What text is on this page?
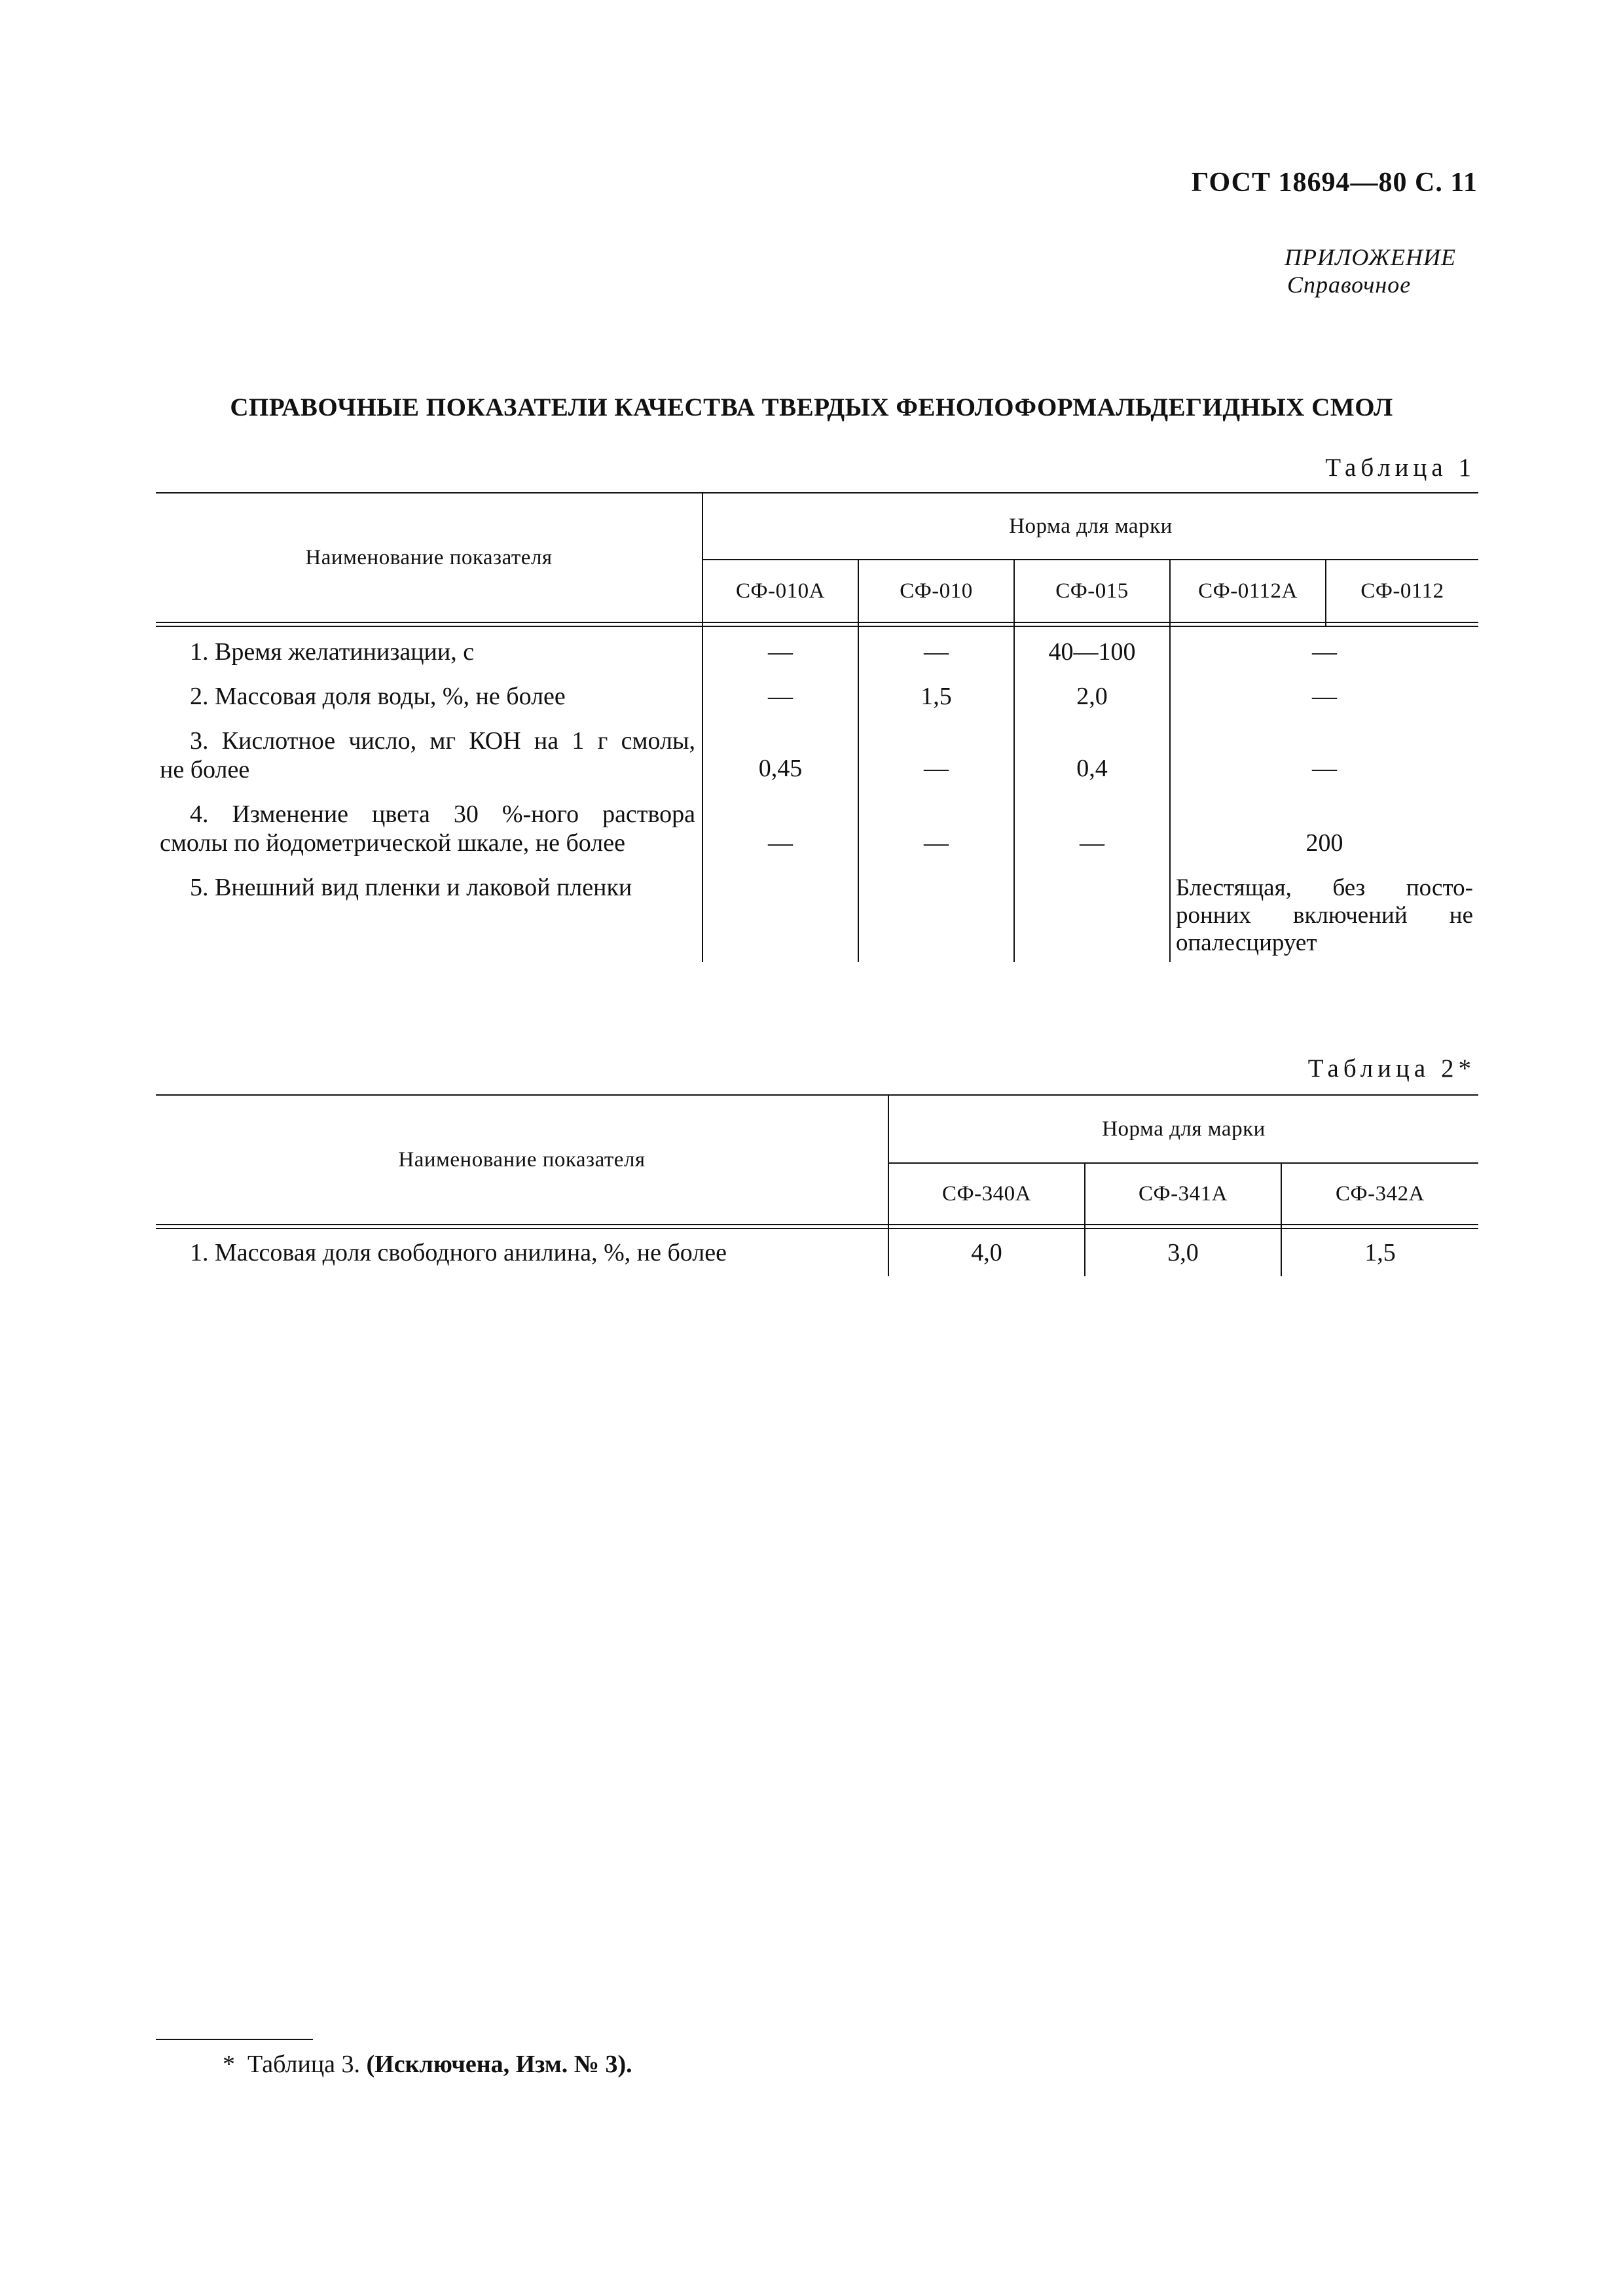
ГОСТ 18694—80 С. 11
ПРИЛОЖЕНИЕ
Справочное
СПРАВОЧНЫЕ ПОКАЗАТЕЛИ КАЧЕСТВА ТВЕРДЫХ ФЕНОЛОФОРМАЛЬДЕГИДНЫХ СМОЛ
Таблица 1
Наименование показателя
Норма для марки
СФ-010А	СФ-010	СФ-015	СФ-0112А	СФ-0112
1. Время желатинизации, с	—	—	40—100	—
2. Массовая доля воды, %, не более	—	1,5	2,0	—
3. Кислотное число, мг КОН на 1 г смолы,
не более	0,45	—	0,4	—
4. Изменение цвета 30 %-ного раствора
смолы по йодометрической шкале, не более	—	—	—	200
5. Внешний вид пленки и лаковой пленки	Блестящая, без посто-
ронних включений не
опалесцирует
Таблица 2*
Наименование показателя
Норма для марки
СФ-340А	СФ-341А	СФ-342А
1. Массовая доля свободного анилина, %, не более	4,0	3,0	1,5
* Таблица 3. (Исключена, Изм. № 3).
